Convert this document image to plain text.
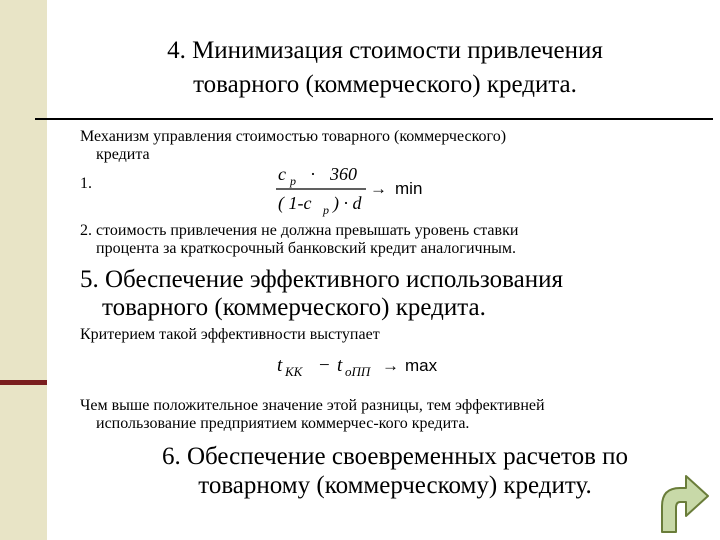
4. Минимизация стоимости привлечения
товарного (коммерческого) кредита.
Механизм управления стоимостью товарного (коммерческого)
кредита
1.	c p · 360
( 1-c p ) · d
→ min
2. стоимость привлечения не должна превышать уровень ставки
процента за краткосрочный банковский кредит аналогичным.
5. Обеспечение эффективного использования
товарного (коммерческого) кредита.
Критерием такой эффективности выступает
t КК − t оПП → max
Чем выше положительное значение этой разницы, тем эффективней
использование предприятием коммерчес-кого кредита.
6. Обеспечение своевременных расчетов по
товарному (коммерческому) кредиту.
